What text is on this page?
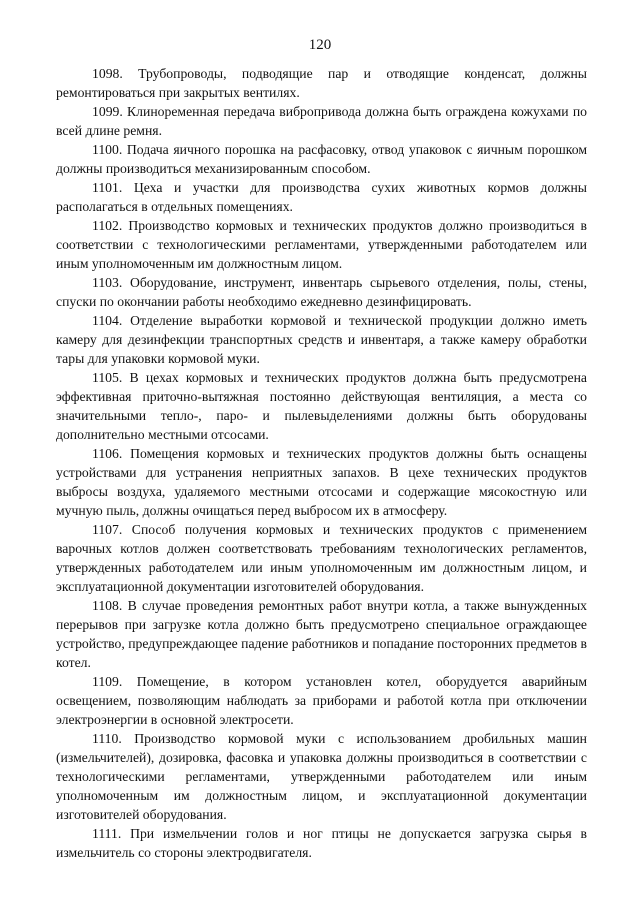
120

1098. Трубопроводы, подводящие пар и отводящие конденсат, должны ремонтироваться при закрытых вентилях.

1099. Клиноременная передача вибропривода должна быть ограждена кожухами по всей длине ремня.

1100. Подача яичного порошка на расфасовку, отвод упаковок с яичным порошком должны производиться механизированным способом.

1101. Цеха и участки для производства сухих животных кормов должны располагаться в отдельных помещениях.

1102. Производство кормовых и технических продуктов должно производиться в соответствии с технологическими регламентами, утвержденными работодателем или иным уполномоченным им должностным лицом.

1103. Оборудование, инструмент, инвентарь сырьевого отделения, полы, стены, спуски по окончании работы необходимо ежедневно дезинфицировать.

1104. Отделение выработки кормовой и технической продукции должно иметь камеру для дезинфекции транспортных средств и инвентаря, а также камеру обработки тары для упаковки кормовой муки.

1105. В цехах кормовых и технических продуктов должна быть предусмотрена эффективная приточно-вытяжная постоянно действующая вентиляция, а места со значительными тепло-, паро- и пылевыделениями должны быть оборудованы дополнительно местными отсосами.

1106. Помещения кормовых и технических продуктов должны быть оснащены устройствами для устранения неприятных запахов. В цехе технических продуктов выбросы воздуха, удаляемого местными отсосами и содержащие мясокостную или мучную пыль, должны очищаться перед выбросом их в атмосферу.

1107. Способ получения кормовых и технических продуктов с применением варочных котлов должен соответствовать требованиям технологических регламентов, утвержденных работодателем или иным уполномоченным им должностным лицом, и эксплуатационной документации изготовителей оборудования.

1108. В случае проведения ремонтных работ внутри котла, а также вынужденных перерывов при загрузке котла должно быть предусмотрено специальное ограждающее устройство, предупреждающее падение работников и попадание посторонних предметов в котел.

1109. Помещение, в котором установлен котел, оборудуется аварийным освещением, позволяющим наблюдать за приборами и работой котла при отключении электроэнергии в основной электросети.

1110. Производство кормовой муки с использованием дробильных машин (измельчителей), дозировка, фасовка и упаковка должны производиться в соответствии с технологическими регламентами, утвержденными работодателем или иным уполномоченным им должностным лицом, и эксплуатационной документации изготовителей оборудования.

1111. При измельчении голов и ног птицы не допускается загрузка сырья в измельчитель со стороны электродвигателя.
